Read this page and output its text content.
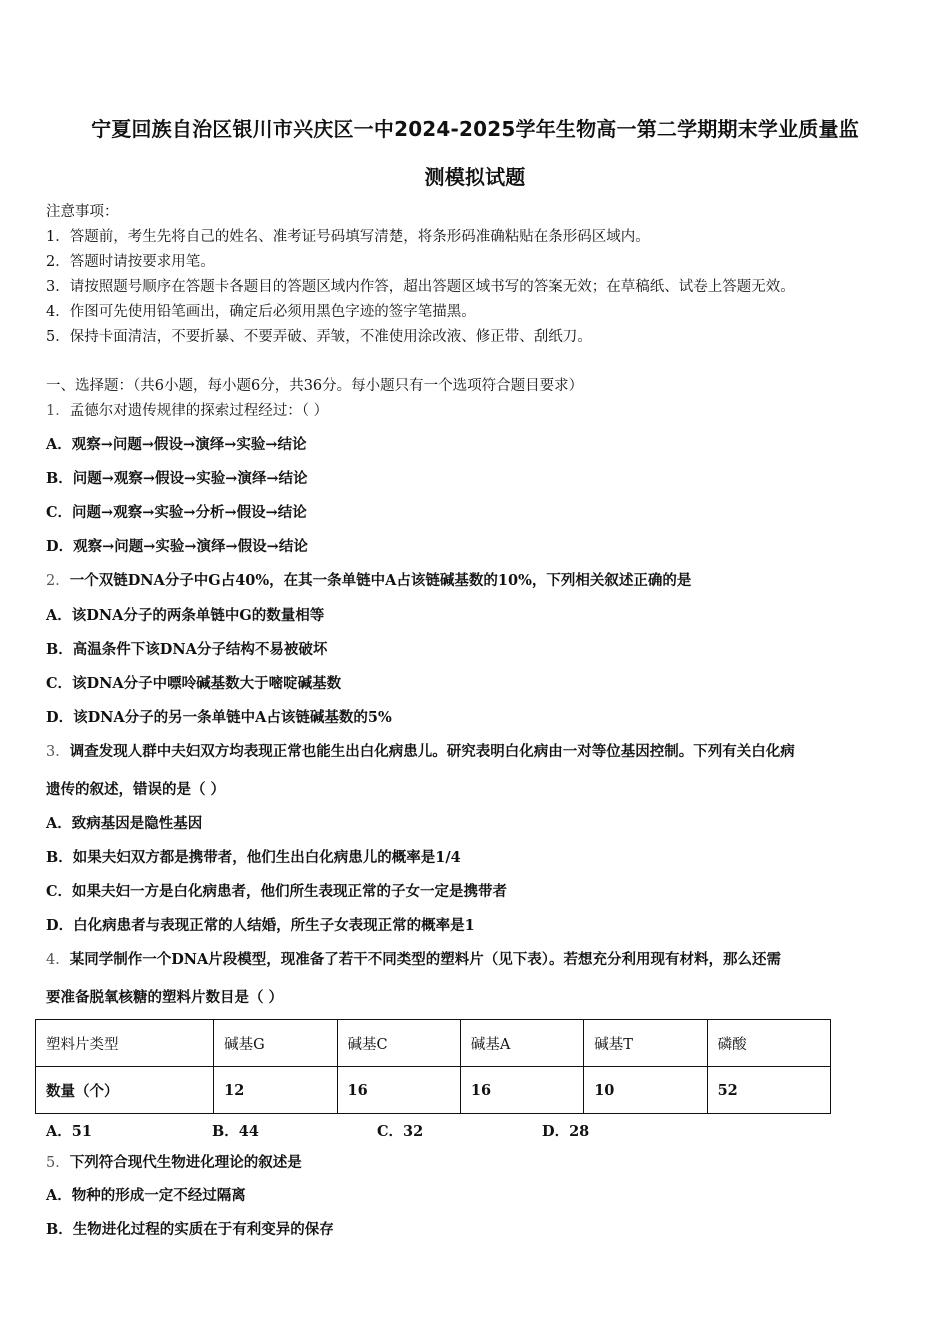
宁夏回族自治区银川市兴庆区一中2024-2025学年生物高一第二学期期末学业质量监
测模拟试题
注意事项：
1．答题前，考生先将自己的姓名、准考证号码填写清楚，将条形码准确粘贴在条形码区域内。
2．答题时请按要求用笔。
3．请按照题号顺序在答题卡各题目的答题区域内作答，超出答题区域书写的答案无效；在草稿纸、试卷上答题无效。
4．作图可先使用铅笔画出，确定后必须用黑色字迹的签字笔描黑。
5．保持卡面清洁，不要折暴、不要弄破、弄皱，不准使用涂改液、修正带、刮纸刀。
一、选择题：（共6小题，每小题6分，共36分。每小题只有一个选项符合题目要求）
1．孟德尔对遗传规律的探索过程经过：（ ）
A．观察→问题→假设→演绎→实验→结论
B．问题→观察→假设→实验→演绎→结论
C．问题→观察→实验→分析→假设→结论
D．观察→问题→实验→演绎→假设→结论
2．一个双链DNA分子中G占40%，在其一条单链中A占该链碱基数的10%，下列相关叙述正确的是
A．该DNA分子的两条单链中G的数量相等
B．高温条件下该DNA分子结构不易被破坏
C．该DNA分子中嘌呤碱基数大于嘧啶碱基数
D．该DNA分子的另一条单链中A占该链碱基数的5%
3．调查发现人群中夫妇双方均表现正常也能生出白化病患儿。研究表明白化病由一对等位基因控制。下列有关白化病
遗传的叙述，错误的是（ ）
A．致病基因是隐性基因
B．如果夫妇双方都是携带者，他们生出白化病患儿的概率是1/4
C．如果夫妇一方是白化病患者，他们所生表现正常的子女一定是携带者
D．白化病患者与表现正常的人结婚，所生子女表现正常的概率是1
4．某同学制作一个DNA片段模型，现准备了若干不同类型的塑料片（见下表）。若想充分利用现有材料，那么还需
要准备脱氧核糖的塑料片数目是（ ）
塑料片类型	碱基G	碱基C	碱基A	碱基T	磷酸
数量（个）	12	16	16	10	52
A．51	B．44	C．32	D．28
5．下列符合现代生物进化理论的叙述是
A．物种的形成一定不经过隔离
B．生物进化过程的实质在于有利变异的保存
